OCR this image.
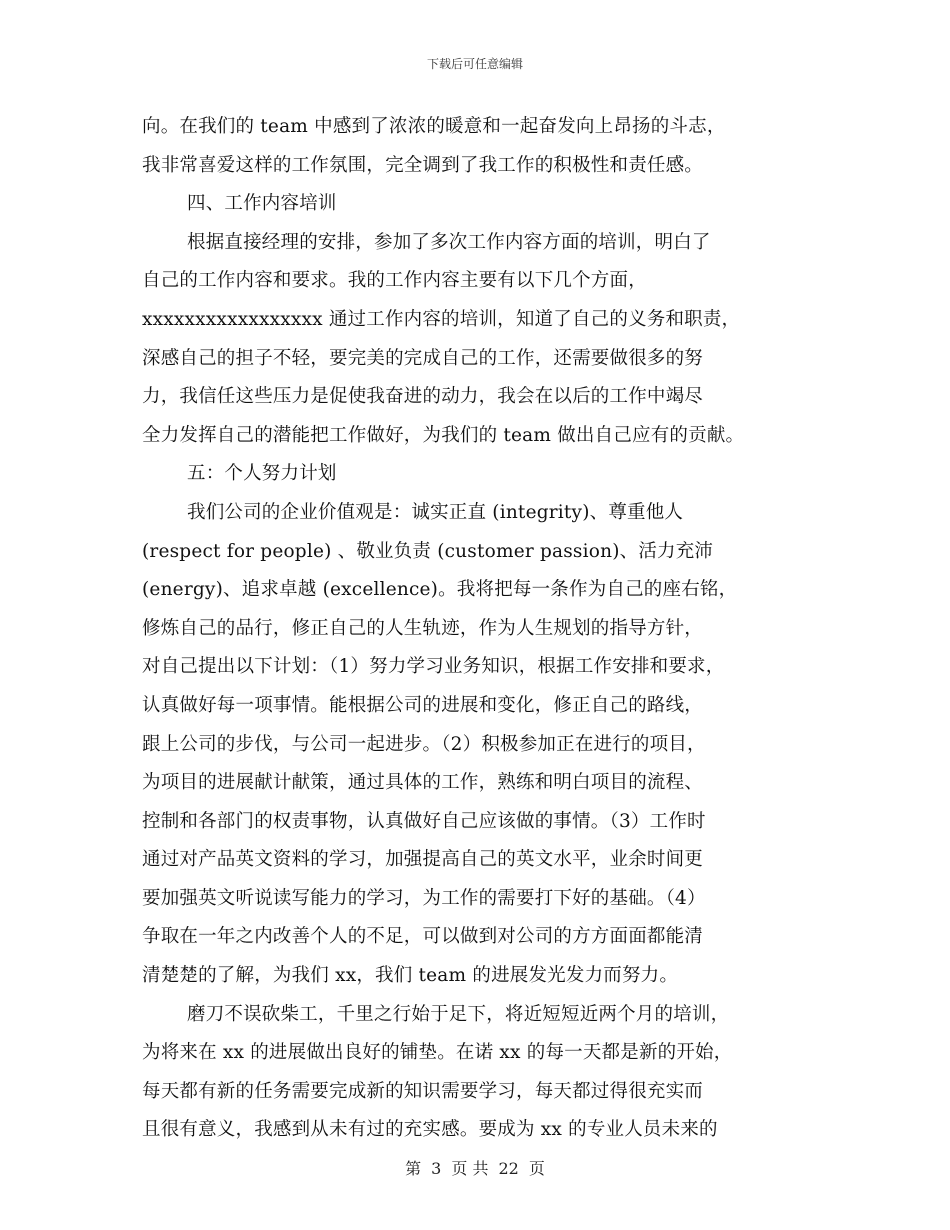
下载后可任意编辑
向。在我们的 team 中感到了浓浓的暖意和一起奋发向上昂扬的斗志，
我非常喜爱这样的工作氛围，完全调到了我工作的积极性和责任感。
四、工作内容培训
根据直接经理的安排，参加了多次工作内容方面的培训，明白了
自己的工作内容和要求。我的工作内容主要有以下几个方面，
xxxxxxxxxxxxxxxxx 通过工作内容的培训，知道了自己的义务和职责，
深感自己的担子不轻，要完美的完成自己的工作，还需要做很多的努
力，我信任这些压力是促使我奋进的动力，我会在以后的工作中竭尽
全力发挥自己的潜能把工作做好，为我们的 team 做出自己应有的贡献。
五：个人努力计划
我们公司的企业价值观是：诚实正直 (integrity)、尊重他人
(respect for people) 、敬业负责 (customer passion)、活力充沛
(energy)、追求卓越 (excellence)。我将把每一条作为自己的座右铭，
修炼自己的品行，修正自己的人生轨迹，作为人生规划的指导方针，
对自己提出以下计划：（1）努力学习业务知识，根据工作安排和要求，
认真做好每一项事情。能根据公司的进展和变化，修正自己的路线，
跟上公司的步伐，与公司一起进步。（2）积极参加正在进行的项目，
为项目的进展献计献策，通过具体的工作，熟练和明白项目的流程、
控制和各部门的权责事物，认真做好自己应该做的事情。（3）工作时
通过对产品英文资料的学习，加强提高自己的英文水平，业余时间更
要加强英文听说读写能力的学习，为工作的需要打下好的基础。（4）
争取在一年之内改善个人的不足，可以做到对公司的方方面面都能清
清楚楚的了解，为我们 xx，我们 team 的进展发光发力而努力。
磨刀不误砍柴工，千里之行始于足下，将近短短近两个月的培训，
为将来在 xx 的进展做出良好的铺垫。在诺 xx 的每一天都是新的开始，
每天都有新的任务需要完成新的知识需要学习，每天都过得很充实而
且很有意义，我感到从未有过的充实感。要成为 xx 的专业人员未来的
第 3 页 共 22 页
